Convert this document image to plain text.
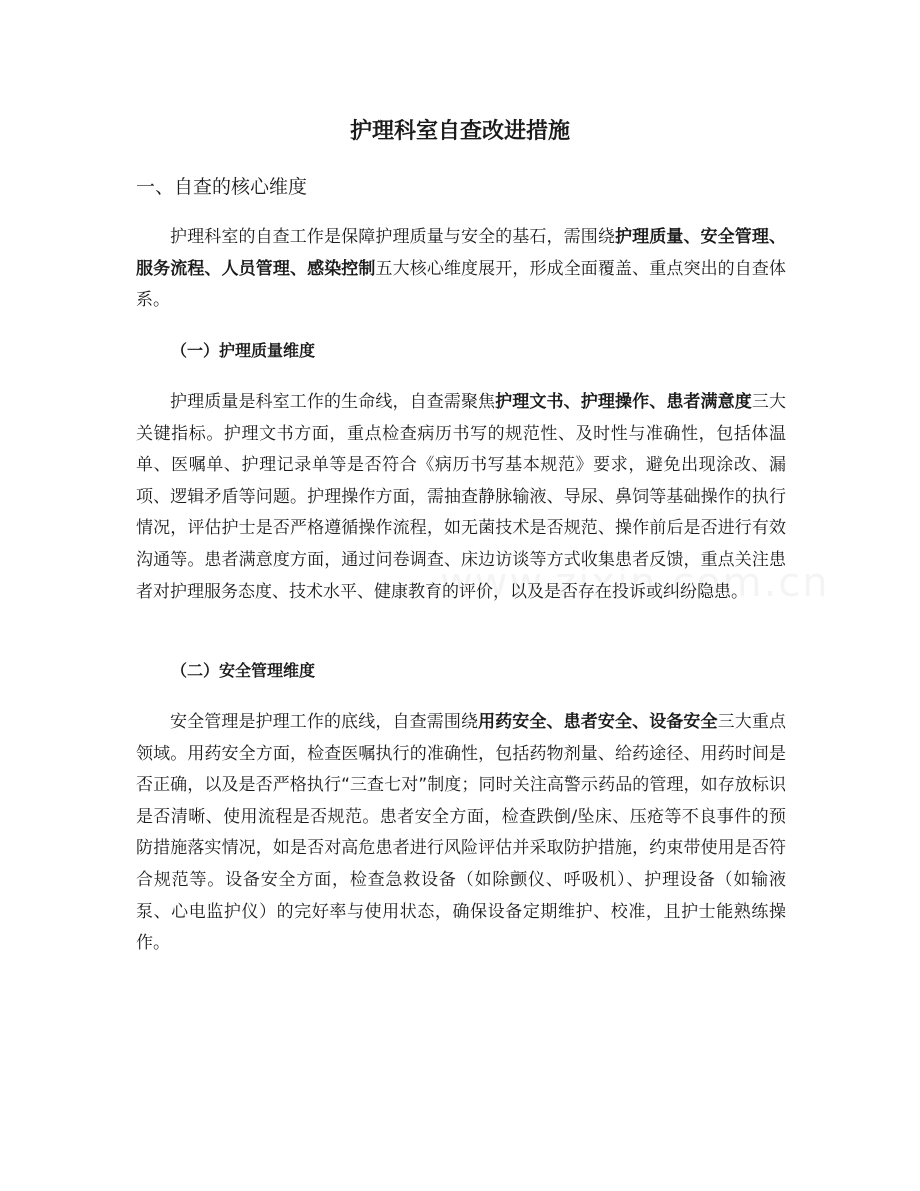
护理科室自查改进措施
一、自查的核心维度

护理科室的自查工作是保障护理质量与安全的基石，需围绕护理质量、安全管理、服务流程、人员管理、感染控制五大核心维度展开，形成全面覆盖、重点突出的自查体系。

（一）护理质量维度

护理质量是科室工作的生命线，自查需聚焦护理文书、护理操作、患者满意度三大关键指标。护理文书方面，重点检查病历书写的规范性、及时性与准确性，包括体温单、医嘱单、护理记录单等是否符合《病历书写基本规范》要求，避免出现涂改、漏项、逻辑矛盾等问题。护理操作方面，需抽查静脉输液、导尿、鼻饲等基础操作的执行情况，评估护士是否严格遵循操作流程，如无菌技术是否规范、操作前后是否进行有效沟通等。患者满意度方面，通过问卷调查、床边访谈等方式收集患者反馈，重点关注患者对护理服务态度、技术水平、健康教育的评价，以及是否存在投诉或纠纷隐患。

（二）安全管理维度

安全管理是护理工作的底线，自查需围绕用药安全、患者安全、设备安全三大重点领域。用药安全方面，检查医嘱执行的准确性，包括药物剂量、给药途径、用药时间是否正确，以及是否严格执行“三查七对”制度；同时关注高警示药品的管理，如存放标识是否清晰、使用流程是否规范。患者安全方面，检查跌倒/坠床、压疮等不良事件的预防措施落实情况，如是否对高危患者进行风险评估并采取防护措施，约束带使用是否符合规范等。设备安全方面，检查急救设备（如除颤仪、呼吸机）、护理设备（如输液泵、心电监护仪）的完好率与使用状态，确保设备定期维护、校准，且护士能熟练操作。
